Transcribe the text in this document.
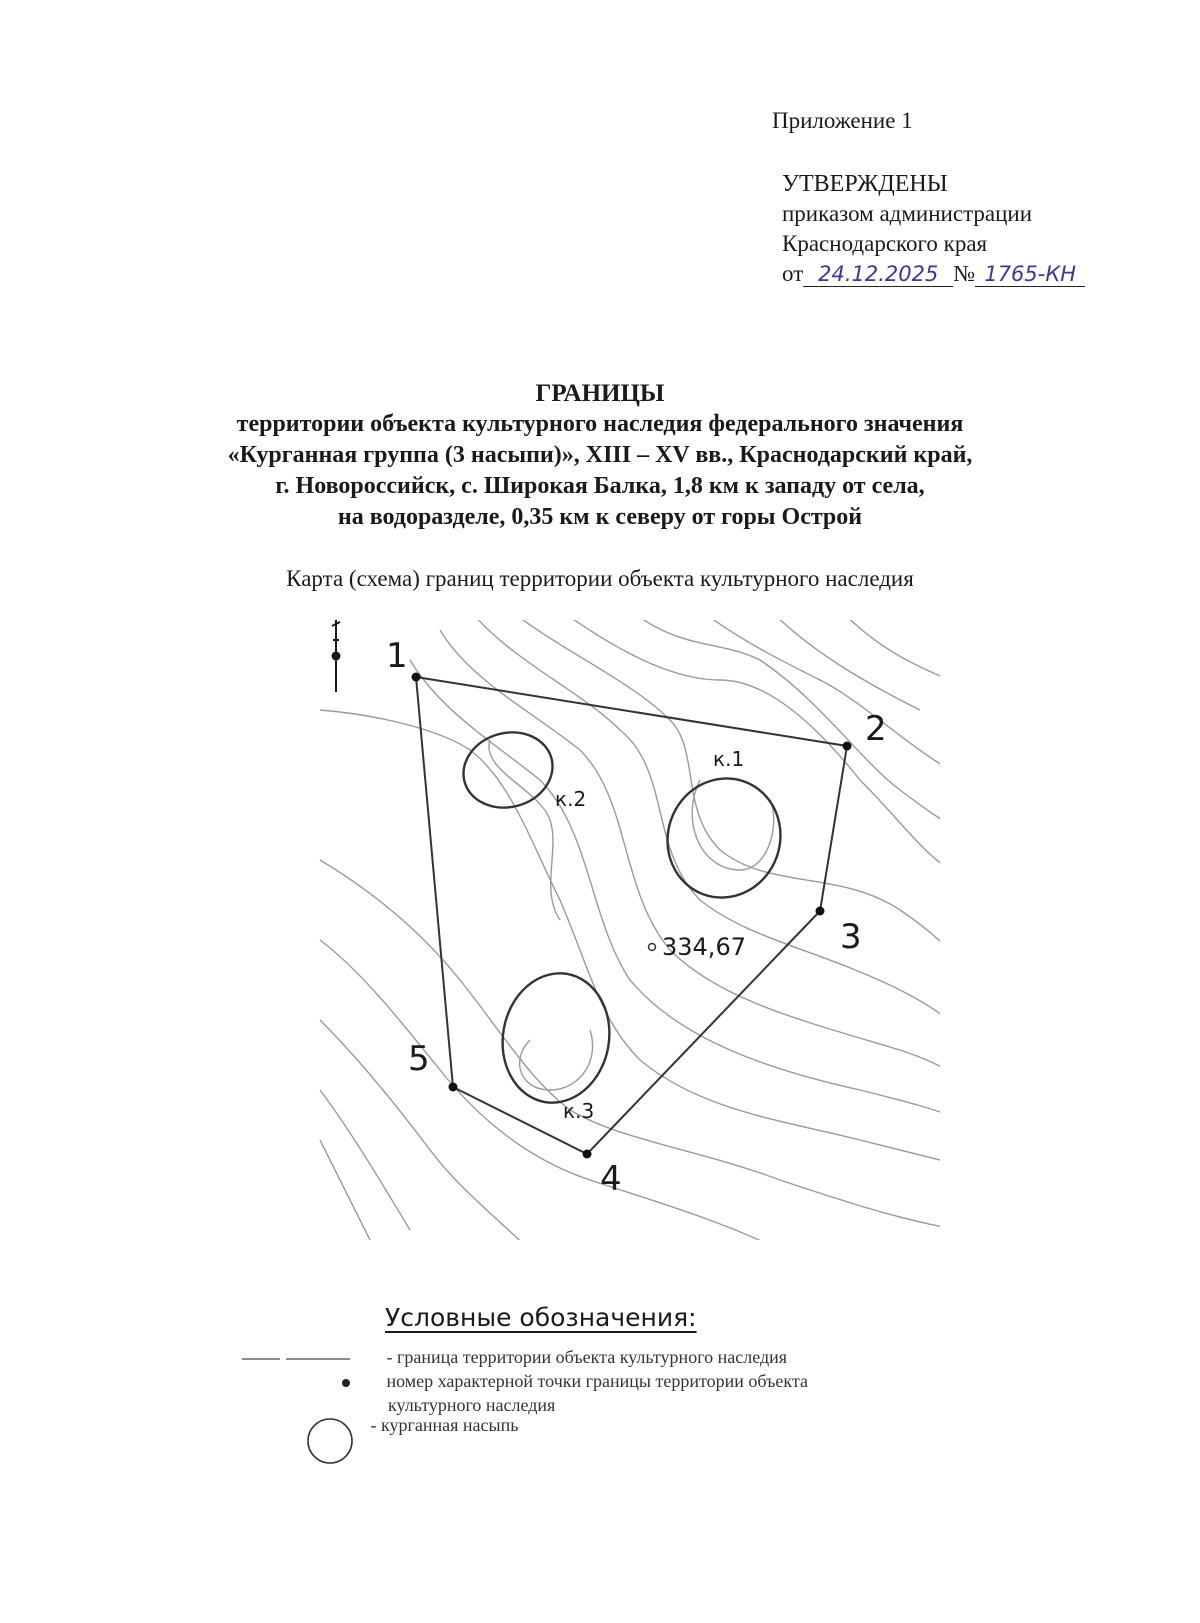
Приложение 1
УТВЕРЖДЕНЫ
приказом администрации
Краснодарского края
от 24.12.2025 № 1765-КН
ГРАНИЦЫ
территории объекта культурного наследия федерального значения
«Курганная группа (3 насыпи)», XIII – XV вв., Краснодарский край,
г. Новороссийск, с. Широкая Балка, 1,8 км к западу от села,
на водоразделе, 0,35 км к северу от горы Острой
Карта (схема) границ территории объекта культурного наследия
к.1
к.2
к.3
334,67
1
2
3
4
5
Условные обозначения:
- граница территории объекта культурного наследия
номер характерной точки границы территории объекта
культурного наследия
- курганная насыпь
